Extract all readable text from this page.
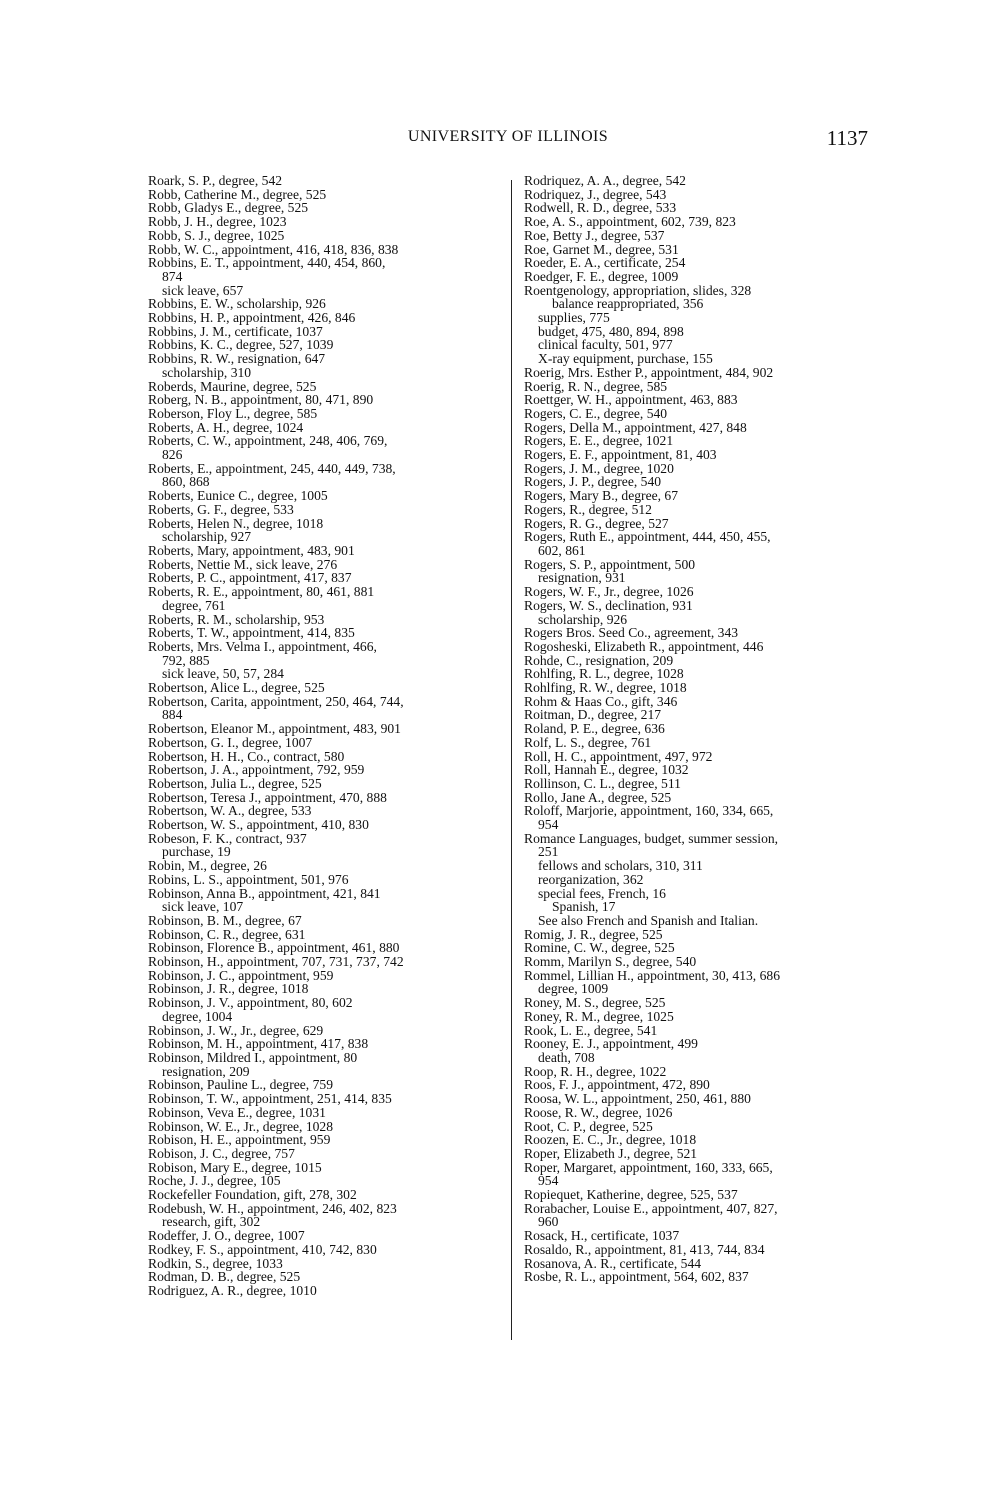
UNIVERSITY OF ILLINOIS	1137

Roark, S. P., degree, 542

Robb, Catherine M., degree, 525

Robb, Gladys E., degree, 525

Robb, J. H., degree, 1023

Robb, S. J., degree, 1025

Robb, W. C., appointment, 416, 418, 836, 838

Robbins, E. T., appointment, 440, 454, 860,

874

sick leave, 657

Robbins, E. W., scholarship, 926

Robbins, H. P., appointment, 426, 846

Robbins, J. M., certificate, 1037

Robbins, K. C., degree, 527, 1039

Robbins, R. W., resignation, 647

scholarship, 310

Roberds, Maurine, degree, 525

Roberg, N. B., appointment, 80, 471, 890

Roberson, Floy L., degree, 585

Roberts, A. H., degree, 1024

Roberts, C. W., appointment, 248, 406, 769,

826

Roberts, E., appointment, 245, 440, 449, 738,

860, 868

Roberts, Eunice C., degree, 1005

Roberts, G. F., degree, 533

Roberts, Helen N., degree, 1018

scholarship, 927

Roberts, Mary, appointment, 483, 901

Roberts, Nettie M., sick leave, 276

Roberts, P. C., appointment, 417, 837

Roberts, R. E., appointment, 80, 461, 881

degree, 761

Roberts, R. M., scholarship, 953

Roberts, T. W., appointment, 414, 835

Roberts, Mrs. Velma I., appointment, 466,

792, 885

sick leave, 50, 57, 284

Robertson, Alice L., degree, 525

Robertson, Carita, appointment, 250, 464, 744,

884

Robertson, Eleanor M., appointment, 483, 901

Robertson, G. I., degree, 1007

Robertson, H. H., Co., contract, 580

Robertson, J. A., appointment, 792, 959

Robertson, Julia L., degree, 525

Robertson, Teresa J., appointment, 470, 888

Robertson, W. A., degree, 533

Robertson, W. S., appointment, 410, 830

Robeson, F. K., contract, 937

purchase, 19

Robin, M., degree, 26

Robins, L. S., appointment, 501, 976

Robinson, Anna B., appointment, 421, 841

sick leave, 107

Robinson, B. M., degree, 67

Robinson, C. R., degree, 631

Robinson, Florence B., appointment, 461, 880

Robinson, H., appointment, 707, 731, 737, 742

Robinson, J. C., appointment, 959

Robinson, J. R., degree, 1018

Robinson, J. V., appointment, 80, 602

degree, 1004

Robinson, J. W., Jr., degree, 629

Robinson, M. H., appointment, 417, 838

Robinson, Mildred I., appointment, 80

resignation, 209

Robinson, Pauline L., degree, 759

Robinson, T. W., appointment, 251, 414, 835

Robinson, Veva E., degree, 1031

Robinson, W. E., Jr., degree, 1028

Robison, H. E., appointment, 959

Robison, J. C., degree, 757

Robison, Mary E., degree, 1015

Roche, J. J., degree, 105

Rockefeller Foundation, gift, 278, 302

Rodebush, W. H., appointment, 246, 402, 823

research, gift, 302

Rodeffer, J. O., degree, 1007

Rodkey, F. S., appointment, 410, 742, 830

Rodkin, S., degree, 1033

Rodman, D. B., degree, 525

Rodriguez, A. R., degree, 1010

Rodriquez, A. A., degree, 542

Rodriquez, J., degree, 543

Rodwell, R. D., degree, 533

Roe, A. S., appointment, 602, 739, 823

Roe, Betty J., degree, 537

Roe, Garnet M., degree, 531

Roeder, E. A., certificate, 254

Roedger, F. E., degree, 1009

Roentgenology, appropriation, slides, 328

balance reappropriated, 356

supplies, 775

budget, 475, 480, 894, 898

clinical faculty, 501, 977

X-ray equipment, purchase, 155

Roerig, Mrs. Esther P., appointment, 484, 902

Roerig, R. N., degree, 585

Roettger, W. H., appointment, 463, 883

Rogers, C. E., degree, 540

Rogers, Della M., appointment, 427, 848

Rogers, E. E., degree, 1021

Rogers, E. F., appointment, 81, 403

Rogers, J. M., degree, 1020

Rogers, J. P., degree, 540

Rogers, Mary B., degree, 67

Rogers, R., degree, 512

Rogers, R. G., degree, 527

Rogers, Ruth E., appointment, 444, 450, 455,

602, 861

Rogers, S. P., appointment, 500

resignation, 931

Rogers, W. F., Jr., degree, 1026

Rogers, W. S., declination, 931

scholarship, 926

Rogers Bros. Seed Co., agreement, 343

Rogosheski, Elizabeth R., appointment, 446

Rohde, C., resignation, 209

Rohlfing, R. L., degree, 1028

Rohlfing, R. W., degree, 1018

Rohm & Haas Co., gift, 346

Roitman, D., degree, 217

Roland, P. E., degree, 636

Rolf, L. S., degree, 761

Roll, H. C., appointment, 497, 972

Roll, Hannah E., degree, 1032

Rollinson, C. L., degree, 511

Rollo, Jane A., degree, 525

Roloff, Marjorie, appointment, 160, 334, 665,

954

Romance Languages, budget, summer session,

251

fellows and scholars, 310, 311

reorganization, 362

special fees, French, 16

Spanish, 17

See also French and Spanish and Italian.

Romig, J. R., degree, 525

Romine, C. W., degree, 525

Romm, Marilyn S., degree, 540

Rommel, Lillian H., appointment, 30, 413, 686

degree, 1009

Roney, M. S., degree, 525

Roney, R. M., degree, 1025

Rook, L. E., degree, 541

Rooney, E. J., appointment, 499

death, 708

Roop, R. H., degree, 1022

Roos, F. J., appointment, 472, 890

Roosa, W. L., appointment, 250, 461, 880

Roose, R. W., degree, 1026

Root, C. P., degree, 525

Roozen, E. C., Jr., degree, 1018

Roper, Elizabeth J., degree, 521

Roper, Margaret, appointment, 160, 333, 665,

954

Ropiequet, Katherine, degree, 525, 537

Rorabacher, Louise E., appointment, 407, 827,

960

Rosack, H., certificate, 1037

Rosaldo, R., appointment, 81, 413, 744, 834

Rosanova, A. R., certificate, 544

Rosbe, R. L., appointment, 564, 602, 837
